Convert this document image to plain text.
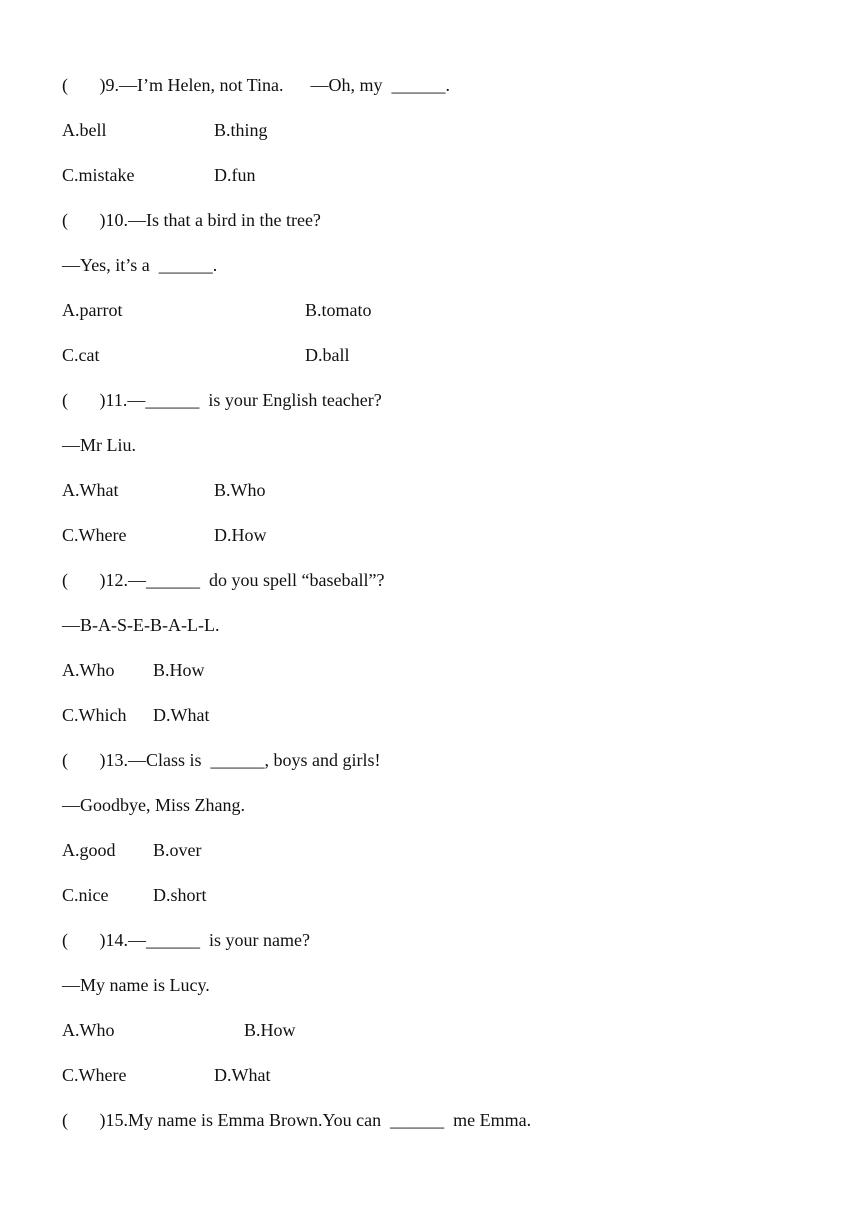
(       )9.—I’m Helen, not Tina.      —Oh, my  ______.
A.bell	B.thing
C.mistake	D.fun
(       )10.—Is that a bird in the tree?
—Yes, it’s a  ______.
A.parrot	B.tomato
C.cat	D.ball
(       )11.—______  is your English teacher?
—Mr Liu.
A.What	B.Who
C.Where	D.How
(       )12.—______  do you spell “baseball”?
—B-A-S-E-B-A-L-L.
A.Who B.How
C.Which D.What
(       )13.—Class is  ______, boys and girls!
—Goodbye, Miss Zhang.
A.good B.over
C.nice D.short
(       )14.—______  is your name?
—My name is Lucy.
A.Who	B.How
C.Where	D.What
(       )15.My name is Emma Brown.You can  ______  me Emma.
